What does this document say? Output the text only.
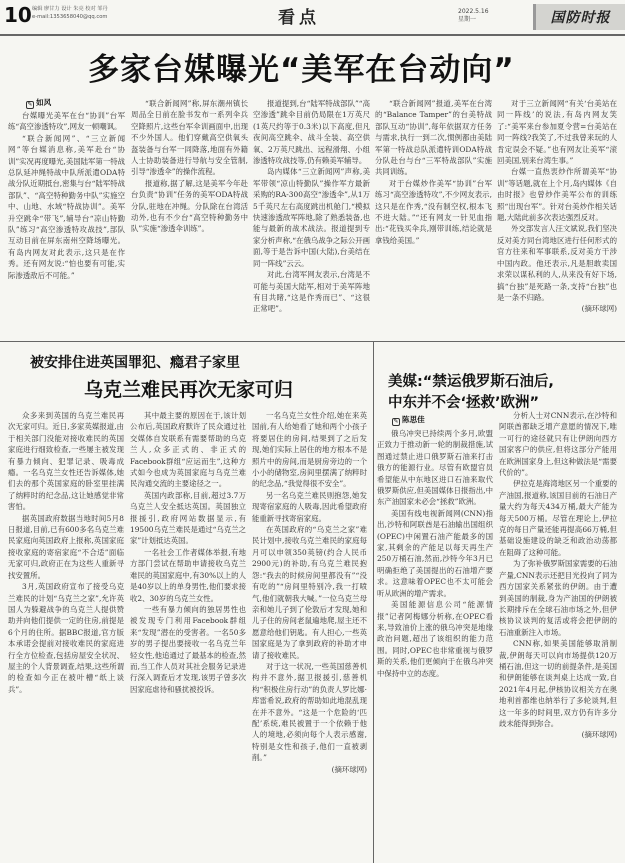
10 编辑 廖甘力 设计 朱亮 校对 邹丹
e-mail:1353658040@qq.com	看点	2022.5.16
星期一	国防时报
多家台媒曝光“美军在台动向”
✎ 如风

台媒曝光美军在台“协训”台军练“高空渗透特攻”,网友一顿嘲讽。

“联合新闻网”、“三立新闻网”等台媒消息称,美军赴台“协训”实况再度曝光,美国陆军第一特战总队延冲绳特战中队所派遣ODA特战分队近期抵台,密集与台“陆军特战部队”、“高空特种勤务中队”实施空中、山地、水域“特战协训”。美军升空跳伞“带飞”,辅导台“凉山特勤队”练习“高空渗透特攻战技”,部队互动目前在屏东南州空降场曝光。有岛内网友对此表示,这只是在作秀。还有网友说:“怕也要有可能,实际渗透敌后不可能。”

“联合新闻网”称,屏东潮州镇长周品全日前在脸书发布一系列伞兵空降照片,这些台军伞训画面中,出现不少外国人。他们穿戴高空供氧头盔装备与台军一同降落,地面有外籍人士协助装备进行导航与安全管制,引导“渗透伞”的操作流程。

报道称,据了解,这是美军今年赴台负责“协训”任务的美军ODA特战分队,驻地在冲绳。分队除在台湾活动外,也有不少台“高空特种勤务中队”实施“渗透伞训练”。

报道提到,台“陆军特战部队”“高空渗透”跳伞目前仍局限在1万英尺(1英尺约等于0.3米)以下高度,但凡夜间高空跳伞、战斗全装、高空供氧、2万英尺跳出、远程滑翔、小组渗透特攻战技等,仍有赖美军辅导。

岛内媒体“三立新闻网”声称,美军带领“凉山特勤队”操作军方最新采购的RA-300高空“渗透伞”,从1万5千英尺左右高度跳出机舱门,“模拟快速渗透敌军阵地,除了熟悉装备,也能与最新的战术战法。报道提到专家分析声称,“在俄乌战争之际公开画面,等于是告诉中国(大陆),台美结在同一阵线”云云。

对此,台湾军网友表示,台湾是不可能与美国大陆军,相对于美军阵地有目共睹,“这是作秀而已”、“这很正常吧”。

“联合新闻网”报道,美军在台湾的“Balance Tamper”的台美特战部队互动“协训”,每年依据双方任务与需求,执行一到二次,惯例都由美陆军第一特战总队派遣特训ODA特战分队赴台与台“三军特战部队”实施共同训练。

对于台媒炒作美军“协训”台军练习“高空渗透特攻”,不少网友表示,这只是在作秀,“没有制空权,根本飞不进大陆。”“还有网友一针见血指出:“花钱买伞兵,刚带训练,结论就是拿钱给美国。”

对于三立新闻网“有关‘台美站在同一阵线’的说法,有岛内网友笑了:“美军来台参加夏令营=台美站在同一阵线?我笑了,不过我曾来玩的人肯定误会不疑。”也有网友让美军“滚回美国,别来台湾生事。”

台媒一直热衷炒作所谓美军“协训”等话题,就在上个月,岛内媒体《自由时报》也曾炒作美军公布的训练照“出现台军”。针对台美炒作相关话题,大陆此前多次表达强烈反对。

外交部发言人汪文斌说,我们坚决反对美方同台湾地区进行任何形式的官方往来和军事联系,反对美方干涉中国内政。他还表示,凡是胆敢卖国求荣以谋私利的人,从来没有好下场,搞“台独”是死路一条,支持“台独”也是一条不归路。

(摘环球网)

被安排住进英国罪犯、瘾君子家里
乌克兰难民再次无家可归

众多来到英国的乌克兰难民再次无家可归。近日,多家英媒报道,由于相关部门没能对接收难民的英国家庭进行细致检查,一些屡主被发现有暴力倾向、犯罪记录、吸毒成瘾。一名乌克兰女性还告诉媒体,她们去的那个英国家庭的卧室里挂满了纳粹时的纪念品,这让她感觉非常害怕。

据英国政府数据当地时间5月8日报道,目前,已有600多名乌克兰难民家庭向英国政府上报称,英国家庭接收家庭的寄宿家庭“不合适”面临无家可归,政府正在为这些人重新寻找安置所。

3月,英国政府宣布了接受乌克兰难民的计划“乌克兰之家”,允许英国人为躲避战争的乌克兰人提供赞助并向他们提供一定的住房,前提是6个月的住所。据BBC报道,官方版本承诺会提前对接收难民的家庭进行全方位检查,包括房屋安全状况、屋主的个人背景调查,结果,这些所谓的检查如今正在被叶槽“纸上谈兵”。

其中最主要的原因在于,该计划公布后,英国政府默许了民众通过社交媒体自发联系有需要帮助的乌克兰人,众多正式的、非正式的Facebook群组“应运而生”,这种方式如今也成为英国家庭与乌克兰难民沟通交流的主要途径之一。

英国内政部称,目前,超过3.7万乌克兰人安全抵达英国。英国独立报援引,政府网站数据显示,有19500乌克兰难民是通过“乌克兰之家”计划抵达英国。

一名社会工作者媒体举报,有地方部门尝试在帮助申请接收乌克兰难民的英国家庭中,有30%以上的人是40岁以上的单身男性,他们要求接收2、30岁的乌克兰女性。

一些有暴力倾向的独居男性也被发现专门利用Facebook群组来“发现”潜在的受害者。一名50多岁的男子提出要接收一名乌克兰年轻女性,他追通过了最基本的检查,然而,当工作人员对其社会服务记录进行深入调查后才发现,该男子曾多次因家庭虐待和骚扰被投诉。

一名乌克兰女性介绍,她在来英国前,有人给她看了她和两个小孩子将要居住的房间,结果到了之后发现,她们实际上居住的地方根本不是照片中的房间,而是厨房旁边的一个小小的储物室,房间里摆满了纳粹时的纪念品,“我觉得很不安全”。

另一名乌克兰难民则抱怨,她发现寄宿家庭的人吸毒,因此希望政府能重新寻找寄宿家庭。

在英国政府的“乌克兰之家”难民计划中,接收乌克兰难民的家庭每月可以申领350英镑(约合人民币2900元)的补助,有乌克兰难民抱怨:“我去的时候房间里都没有”“没有吃的”“房间里特别冷,我一打喷气,他们就朝我大喊。”一位乌克兰母亲和她儿子到了伦敦后才发现,她和儿子住的房间老鼠遍地爬,屋主还不愿意给他们钥匙。有人担心,一些英国家庭是为了拿到政府的补助才申请了接收难民。

对于这一状况,一些英国慈善机构并不意外,据卫报援引,慈善机构“积极住房行动”的负责人罗比娜·库雷希说,政府的帮助如此地混乱现在并不意外。“这是一个危险的‘匹配’系统,难民被置于一个依赖于他人的境地,必须向每个人表示感谢,特别是女性和孩子,他们一直被剥削。”

(摘环球网)

美媒:“禁运俄罗斯石油后,
中东并不会‘拯救’欧洲”
✎ 陈思佳

俄乌冲突已持续两个多月,欧盟正致力于推动新一轮的制裁措施,试图通过禁止进口俄罗斯石油来打击俄方的能源行业。尽管有欧盟官员希望能从中东地区进口石油来取代俄罗斯供应,但美国媒体日报指出,中东产油国家未必会“拯救”欧洲。

美国有线电视新闻网(CNN)指出,沙特和阿联酋是石油输出国组织(OPEC)中闲置石油产能最多的国家,其剩余的产能足以每天再生产250万桶石油,然而,沙特今年3月已明确拒绝了美国提出的石油增产要求。这意味着OPEC也不太可能会听从欧洲的增产需求。

美国能源信息公司“能源情报”记者阿梅娜分析称,在OPEC看来,导致油价上涨的俄乌冲突是地缘政治问题,超出了该组织的能力范围。同时,OPEC也非常重视与俄罗斯的关系,他们更倾向于在俄乌冲突中保持中立的态度。

分析人士对CNN表示,在沙特和阿联酋都缺乏增产意愿的情况下,唯一可行的途径就只有让伊朗向西方国家客户的供应,但将这部分产能用在欧洲国家身上,但这种做法是“需要代价的”。

伊拉克是海湾地区另一个重要的产油国,报道称,该国目前的石油日产量大约为每天434万桶,最大产能为每天500万桶。尽管在理论上,伊拉克的每日产量还能再提高66万桶,但基础设施建设的缺乏和政治动荡都在阻碍了这种可能。

为了弥补俄罗斯国家需要的石油产量,CNN表示还把目光投向了同为西方国家关系紧张的伊朗。由于遭到美国的制裁,身为产油国的伊朗被长期排斥在全球石油市场之外,但伊核协议谈判的复活或将会把伊朗的石油重新注入市场。

CNN称,如果美国能够取消制裁,伊朗每天可以向市场提供120万桶石油,但这一切的前提条件,是美国和伊朗能够在谈判桌上达成一致,自2021年4月起,伊核协议相关方在奥地利首都维也纳举行了多轮谈判,但这一年多的时间里,双方仍有许多分歧未能得到弥合。

(摘环球网)
